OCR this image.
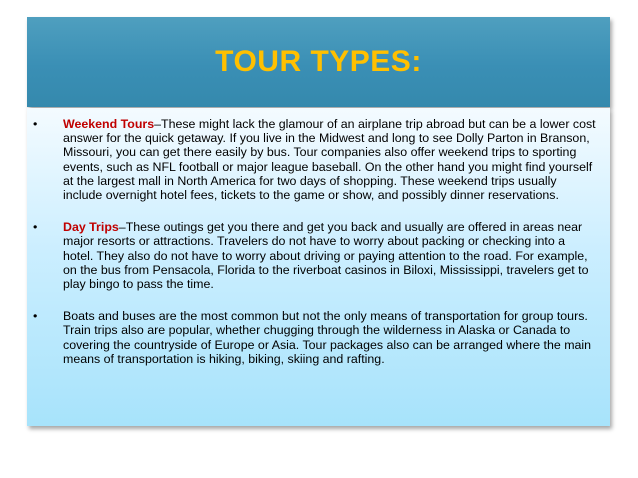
TOUR TYPES:
• Weekend Tours–These might lack the glamour of an airplane trip abroad but can be a lower cost answer for the quick getaway. If you live in the Midwest and long to see Dolly Parton in Branson, Missouri, you can get there easily by bus. Tour companies also offer weekend trips to sporting events, such as NFL football or major league baseball. On the other hand you might find yourself at the largest mall in North America for two days of shopping. These weekend trips usually include overnight hotel fees, tickets to the game or show, and possibly dinner reservations.
• Day Trips–These outings get you there and get you back and usually are offered in areas near major resorts or attractions. Travelers do not have to worry about packing or checking into a hotel. They also do not have to worry about driving or paying attention to the road. For example, on the bus from Pensacola, Florida to the riverboat casinos in Biloxi, Mississippi, travelers get to play bingo to pass the time.
• Boats and buses are the most common but not the only means of transportation for group tours. Train trips also are popular, whether chugging through the wilderness in Alaska or Canada to covering the countryside of Europe or Asia. Tour packages also can be arranged where the main means of transportation is hiking, biking, skiing and rafting.
